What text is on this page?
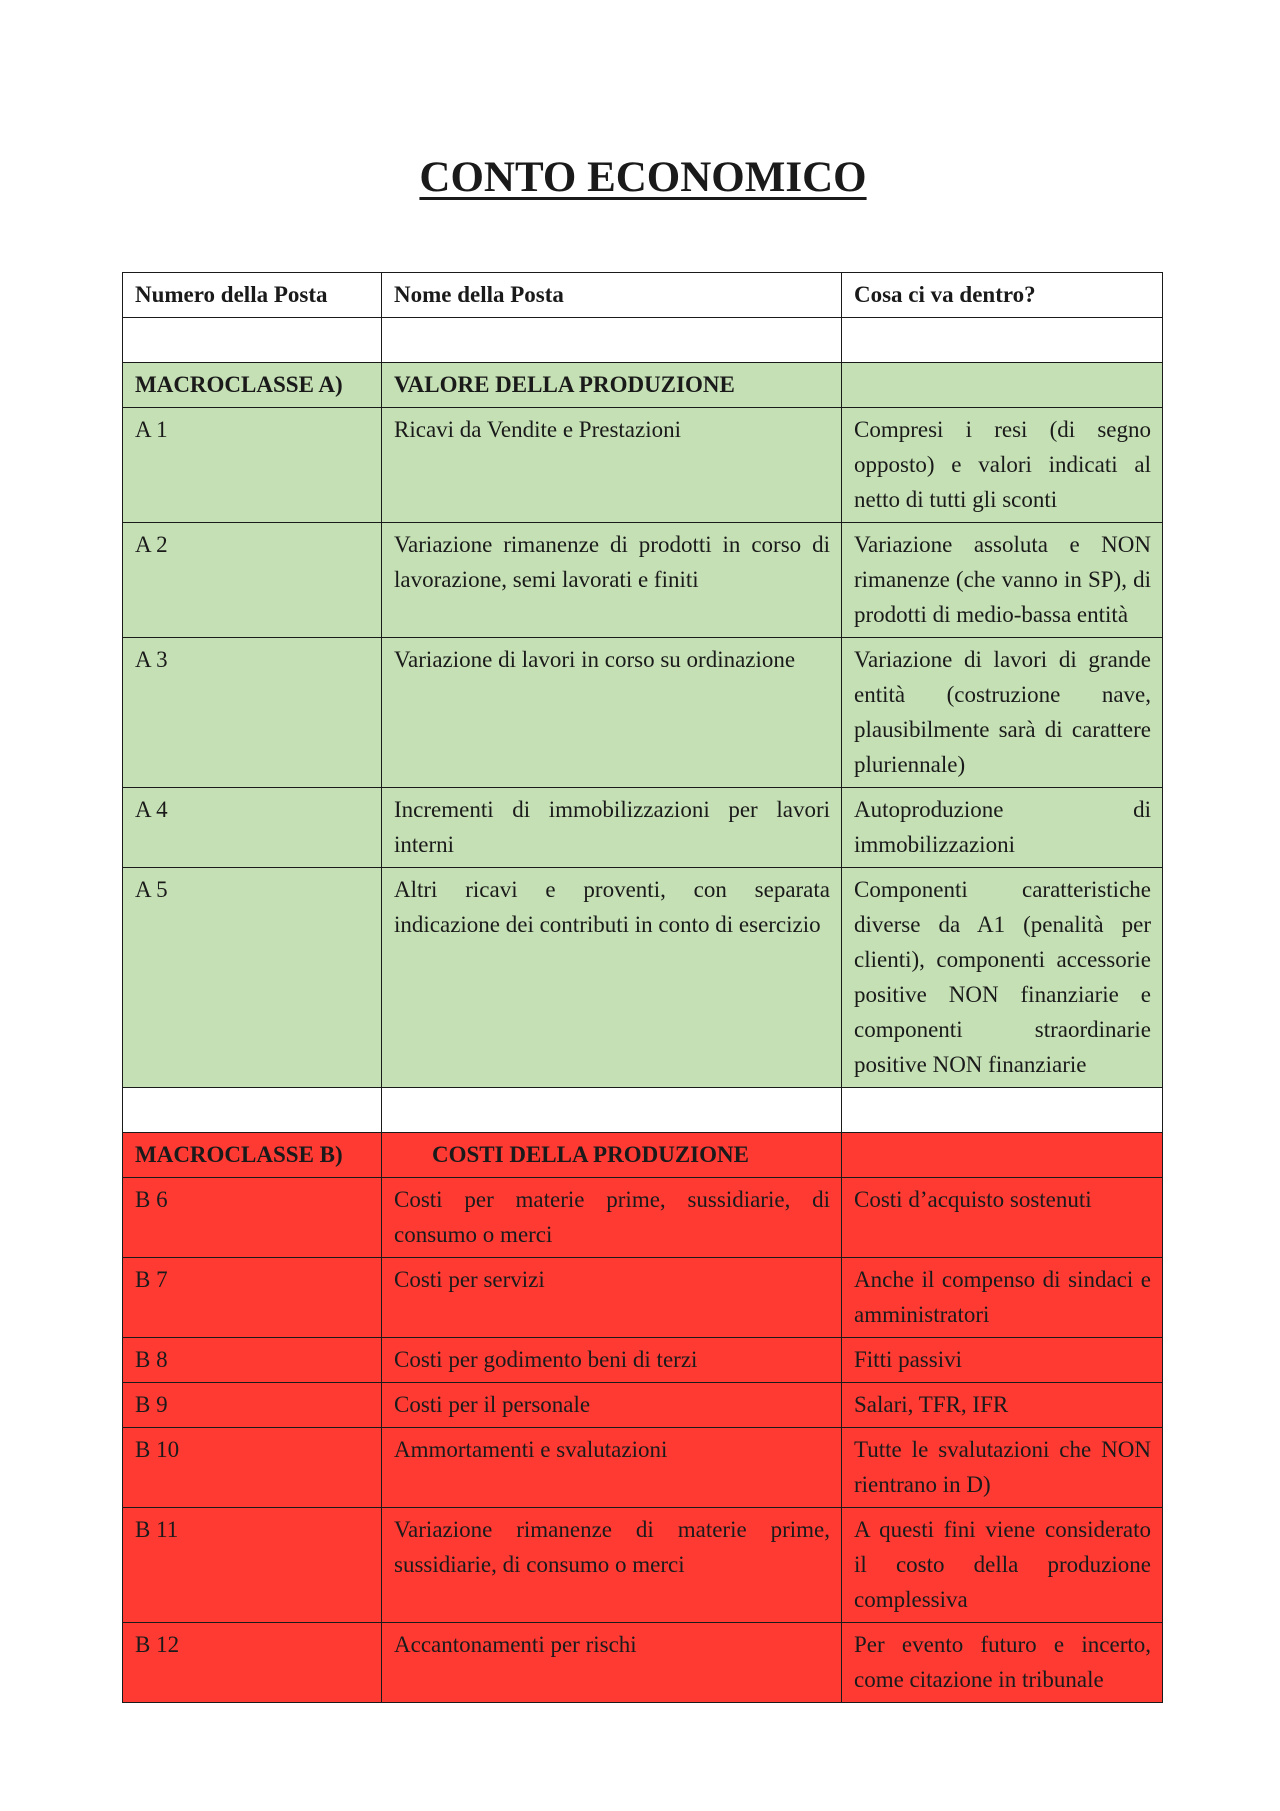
CONTO ECONOMICO
Numero della Posta	Nome della Posta	Cosa ci va dentro?

MACROCLASSE A)	VALORE DELLA PRODUZIONE	
A 1	Ricavi da Vendite e Prestazioni	Compresi i resi (di segno opposto) e valori indicati al netto di tutti gli sconti
A 2	Variazione rimanenze di prodotti in corso di lavorazione, semi lavorati e finiti	Variazione assoluta e NON rimanenze (che vanno in SP), di prodotti di medio-bassa entità
A 3	Variazione di lavori in corso su ordinazione	Variazione di lavori di grande entità (costruzione nave, plausibilmente sarà di carattere pluriennale)
A 4	Incrementi di immobilizzazioni per lavori interni	Autoproduzione di immobilizzazioni
A 5	Altri ricavi e proventi, con separata indicazione dei contributi in conto di esercizio	Componenti caratteristiche diverse da A1 (penalità per clienti), componenti accessorie positive NON finanziarie e componenti straordinarie positive NON finanziarie

MACROCLASSE B)	COSTI DELLA PRODUZIONE	
B 6	Costi per materie prime, sussidiarie, di consumo o merci	Costi d’acquisto sostenuti
B 7	Costi per servizi	Anche il compenso di sindaci e amministratori
B 8	Costi per godimento beni di terzi	Fitti passivi
B 9	Costi per il personale	Salari, TFR, IFR
B 10	Ammortamenti e svalutazioni	Tutte le svalutazioni che NON rientrano in D)
B 11	Variazione rimanenze di materie prime, sussidiarie, di consumo o merci	A questi fini viene considerato il costo della produzione complessiva
B 12	Accantonamenti per rischi	Per evento futuro e incerto, come citazione in tribunale
